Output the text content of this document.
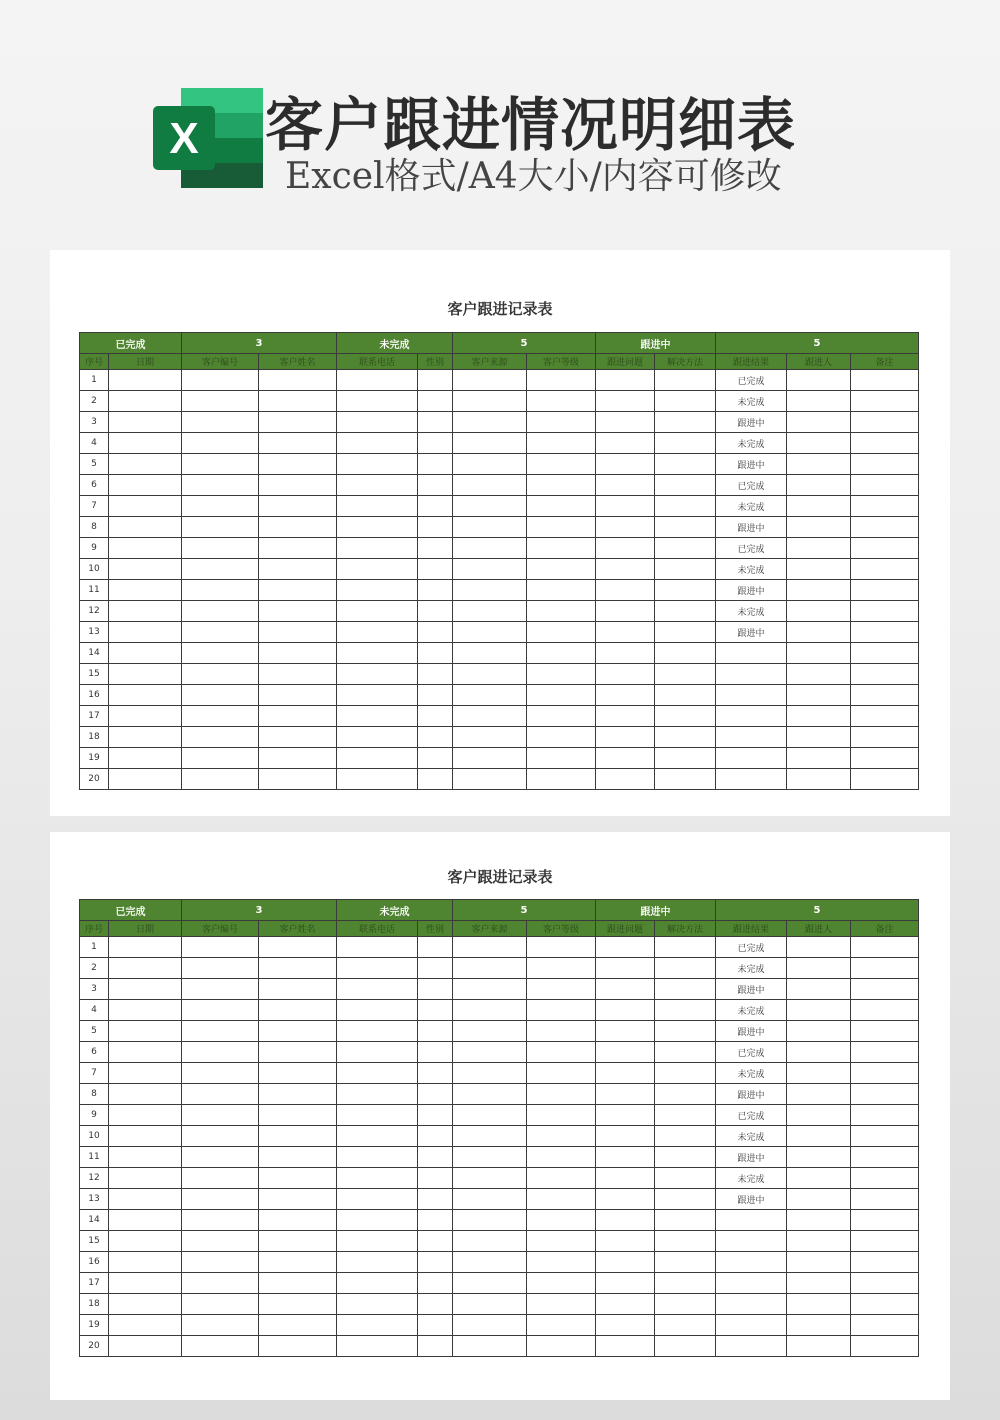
X 客户跟进情况明细表
Excel格式/A4大小/内容可修改
客户跟进记录表
已完成		3		未完成		5		跟进中		5		
序号	日期	客户编号	客户姓名	联系电话	性别	客户来源	客户等级	跟进问题	解决方法	跟进结果	跟进人	备注
1										已完成		
2										未完成		
3										跟进中		
4										未完成		
5										跟进中		
6										已完成		
7										未完成		
8										跟进中		
9										已完成		
10										未完成		
11										跟进中		
12										未完成		
13										跟进中		
14												
15												
16												
17												
18												
19												
20												
客户跟进记录表
已完成		3		未完成		5		跟进中		5		
序号	日期	客户编号	客户姓名	联系电话	性别	客户来源	客户等级	跟进问题	解决方法	跟进结果	跟进人	备注
1										已完成		
2										未完成		
3										跟进中		
4										未完成		
5										跟进中		
6										已完成		
7										未完成		
8										跟进中		
9										已完成		
10										未完成		
11										跟进中		
12										未完成		
13										跟进中		
14												
15												
16												
17												
18												
19												
20												
